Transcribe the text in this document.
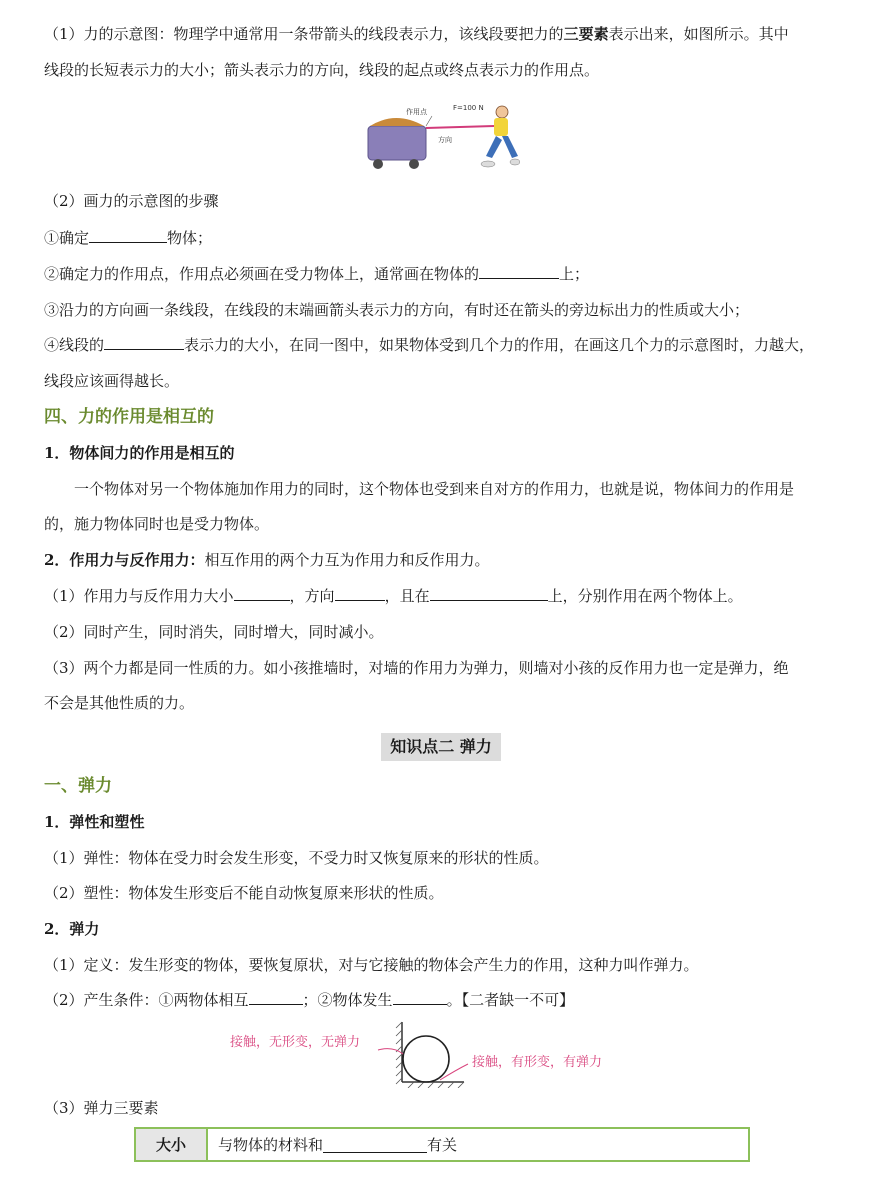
（1）力的示意图：物理学中通常用一条带箭头的线段表示力，该线段要把力的三要素表示出来，如图所示。其中
线段的长短表示力的大小；箭头表示力的方向，线段的起点或终点表示力的作用点。
作用点	F=100 N
方向
（2）画力的示意图的步骤
①确定	物体；
②确定力的作用点，作用点必须画在受力物体上，通常画在物体的	上；
③沿力的方向画一条线段，在线段的末端画箭头表示力的方向，有时还在箭头的旁边标出力的性质或大小；
④线段的	表示力的大小，在同一图中，如果物体受到几个力的作用，在画这几个力的示意图时，力越大，
线段应该画得越长。
四、力的作用是相互的
1．物体间力的作用是相互的
一个物体对另一个物体施加作用力的同时，这个物体也受到来自对方的作用力，也就是说，物体间力的作用是
的，施力物体同时也是受力物体。
2．作用力与反作用力：相互作用的两个力互为作用力和反作用力。
（1）作用力与反作用力大小	，方向	，且在	上，分别作用在两个物体上。
（2）同时产生，同时消失，同时增大，同时减小。
（3）两个力都是同一性质的力。如小孩推墙时，对墙的作用力为弹力，则墙对小孩的反作用力也一定是弹力，绝
不会是其他性质的力。
知识点二 弹力
一、弹力
1．弹性和塑性
（1）弹性：物体在受力时会发生形变，不受力时又恢复原来的形状的性质。
（2）塑性：物体发生形变后不能自动恢复原来形状的性质。
2．弹力
（1）定义：发生形变的物体，要恢复原状，对与它接触的物体会产生力的作用，这种力叫作弹力。
（2）产生条件：①两物体相互	；②物体发生	。【二者缺一不可】
接触，无形变，无弹力
接触，有形变，有弹力
（3）弹力三要素
大小	与物体的材料和	有关
